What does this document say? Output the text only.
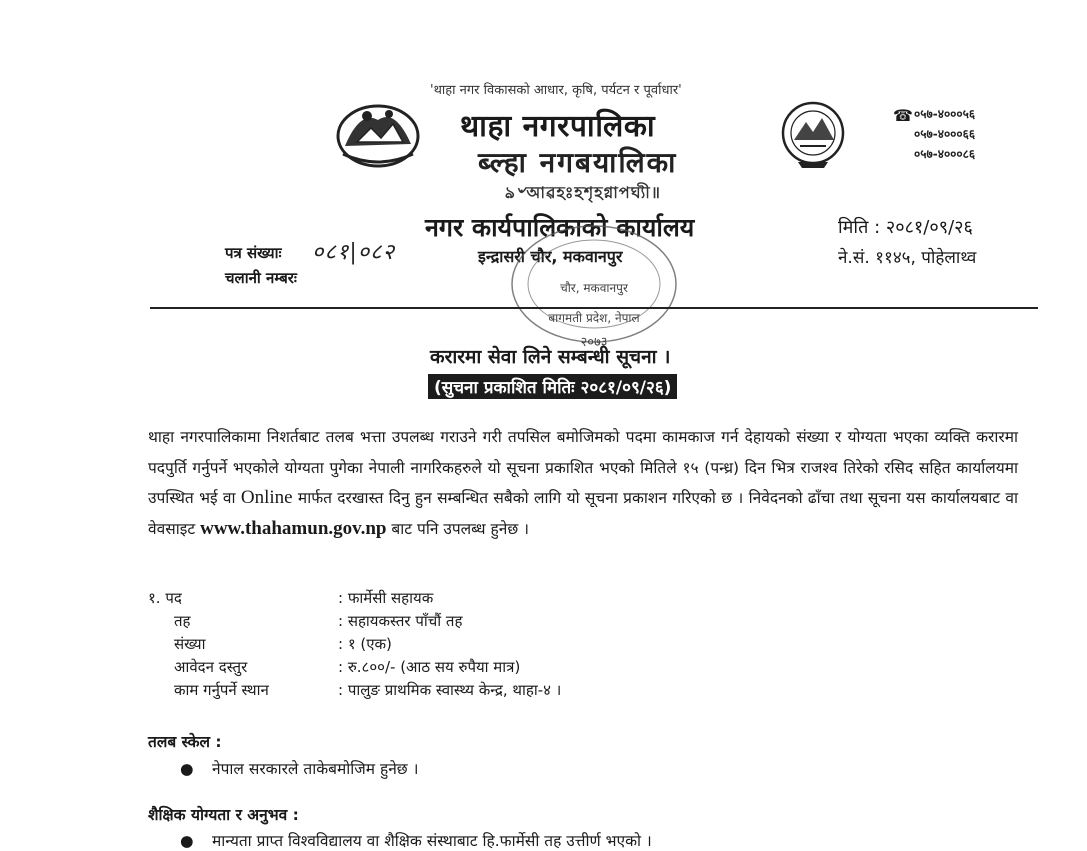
'थाहा नगर विकासको आधार, कृषि, पर्यटन र पूर्वाधार'
थाहा नगरपालिका
ब्ल्हा नगबयालिका
ঌ৺আৱহঃহশৃহগ্নাপঘ্যী॥
☎ ०५७-४०००५६
०५७-४०००६६
०५७-४०००८६
नगर कार्यपालिकाको कार्यालय
इन्द्रासरी चौर, मकवानपुर
मिति : २०८१/०९/२६
ने.सं. ११४५, पोहेलाथ्व
पत्र संख्याः ०८१|०८२
चलानी नम्बरः
चौर, मकवानपुर
बागमती प्रदेश, नेपाल
२०७३
करारमा सेवा लिने सम्बन्धी सूचना ।
(सुचना प्रकाशित मितिः २०८१/०९/२६)
थाहा नगरपालिकामा निशर्तबाट तलब भत्ता उपलब्ध गराउने गरी तपसिल बमोजिमको पदमा कामकाज गर्न देहायको संख्या र योग्यता भएका व्यक्ति करारमा पदपुर्ति गर्नुपर्ने भएकोले योग्यता पुगेका नेपाली नागरिकहरुले यो सूचना प्रकाशित भएको मितिले १५ (पन्ध्र) दिन भित्र राजश्व तिरेको रसिद सहित कार्यालयमा उपस्थित भई वा Online मार्फत दरखास्त दिनु हुन सम्बन्धित सबैको लागि यो सूचना प्रकाशन गरिएको छ । निवेदनको ढाँचा तथा सूचना यस कार्यालयबाट वा वेवसाइट www.thahamun.gov.np बाट पनि उपलब्ध हुनेछ ।
१. पद	: फार्मेसी सहायक
तह	: सहायकस्तर पाँचौं तह
संख्या	: १ (एक)
आवेदन दस्तुर	: रु.८००/- (आठ सय रुपैया मात्र)
काम गर्नुपर्ने स्थान	: पालुङ प्राथमिक स्वास्थ्य केन्द्र, थाहा-४ ।
तलब स्केल :
● नेपाल सरकारले ताकेबमोजिम हुनेछ ।
शैक्षिक योग्यता र अनुभव :
● मान्यता प्राप्त विश्वविद्यालय वा शैक्षिक संस्थाबाट हि.फार्मेसी तह उत्तीर्ण भएको ।
